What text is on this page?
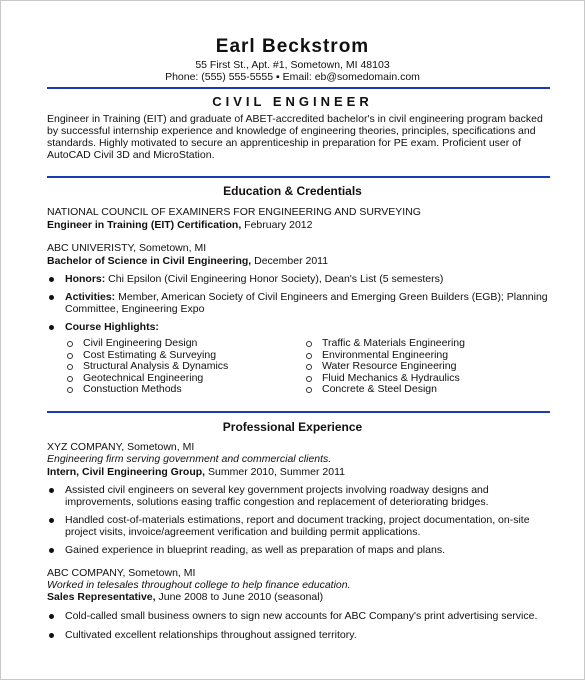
Earl Beckstrom
55 First St., Apt. #1, Sometown, MI 48103
Phone: (555) 555-5555 ▪ Email: eb@somedomain.com
CIVIL ENGINEER
Engineer in Training (EIT) and graduate of ABET-accredited bachelor's in civil engineering program backed by successful internship experience and knowledge of engineering theories, principles, specifications and standards. Highly motivated to secure an apprenticeship in preparation for PE exam. Proficient user of AutoCAD Civil 3D and MicroStation.
Education & Credentials
NATIONAL COUNCIL OF EXAMINERS FOR ENGINEERING AND SURVEYING
Engineer in Training (EIT) Certification, February 2012
ABC UNIVERISTY, Sometown, MI
Bachelor of Science in Civil Engineering, December 2011
Honors: Chi Epsilon (Civil Engineering Honor Society), Dean's List (5 semesters)
Activities: Member, American Society of Civil Engineers and Emerging Green Builders (EGB); Planning Committee, Engineering Expo
Course Highlights:
Civil Engineering Design
Cost Estimating & Surveying
Structural Analysis & Dynamics
Geotechnical Engineering
Constuction Methods
Traffic & Materials Engineering
Environmental Engineering
Water Resource Engineering
Fluid Mechanics & Hydraulics
Concrete & Steel Design
Professional Experience
XYZ COMPANY, Sometown, MI
Engineering firm serving government and commercial clients.
Intern, Civil Engineering Group, Summer 2010, Summer 2011
Assisted civil engineers on several key government projects involving roadway designs and improvements, solutions easing traffic congestion and replacement of deteriorating bridges.
Handled cost-of-materials estimations, report and document tracking, project documentation, on-site project visits, invoice/agreement verification and building permit applications.
Gained experience in blueprint reading, as well as preparation of maps and plans.
ABC COMPANY, Sometown, MI
Worked in telesales throughout college to help finance education.
Sales Representative, June 2008 to June 2010 (seasonal)
Cold-called small business owners to sign new accounts for ABC Company's print advertising service.
Cultivated excellent relationships throughout assigned territory.
